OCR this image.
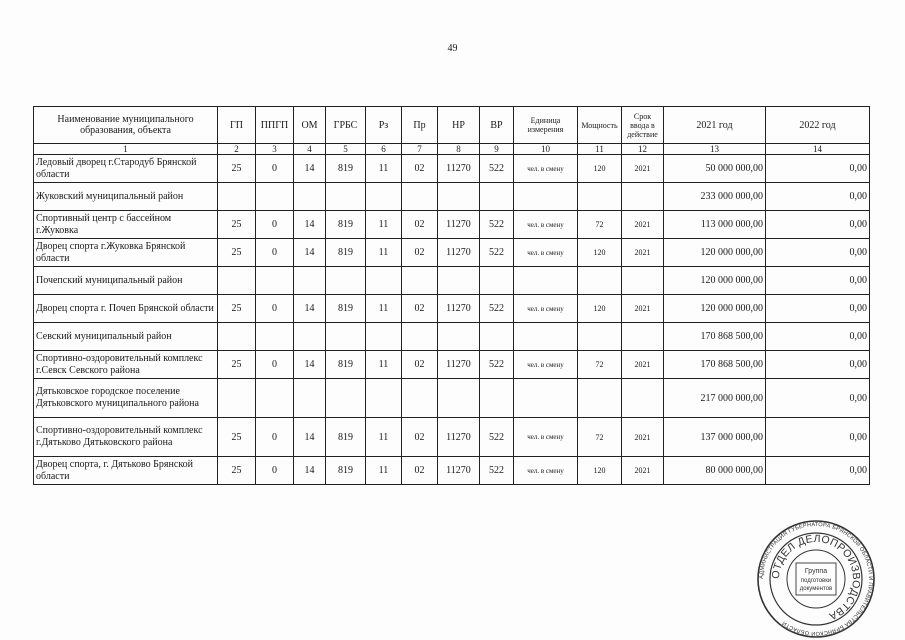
49
Наименование муниципального образования, объекта	ГП	ППГП	ОМ	ГРБС	Рз	Пр	НР	ВР	Единица измерения	Мощность	Срок ввода в действие	2021 год	2022 год
1	2	3	4	5	6	7	8	9	10	11	12	13	14
Ледовый дворец г.Стародуб Брянской области	25	0	14	819	11	02	11270	522	чел. в смену	120	2021	50 000 000,00	0,00
Жуковский муниципальный район												233 000 000,00	0,00
Спортивный центр с бассейном г.Жуковка	25	0	14	819	11	02	11270	522	чел. в смену	72	2021	113 000 000,00	0,00
Дворец спорта г.Жуковка Брянской области	25	0	14	819	11	02	11270	522	чел. в смену	120	2021	120 000 000,00	0,00
Почепский муниципальный район												120 000 000,00	0,00
Дворец спорта г. Почеп Брянской области	25	0	14	819	11	02	11270	522	чел. в смену	120	2021	120 000 000,00	0,00
Севский муниципальный район												170 868 500,00	0,00
Спортивно-оздоровительный комплекс г.Севск Севского района	25	0	14	819	11	02	11270	522	чел. в смену	72	2021	170 868 500,00	0,00
Дятьковское городское поселение Дятьковского муниципального района												217 000 000,00	0,00
Спортивно-оздоровительный комплекс г.Дятьково Дятьковского района	25	0	14	819	11	02	11270	522	чел. в смену	72	2021	137 000 000,00	0,00
Дворец спорта, г. Дятьково Брянской области	25	0	14	819	11	02	11270	522	чел. в смену	120	2021	80 000 000,00	0,00
АДМИНИСТРАЦИЯ ГУБЕРНАТОРА БРЯНСКОЙ ОБЛАСТИ И ПРАВИТЕЛЬСТВА БРЯНСКОЙ ОБЛАСТИ
ОТДЕЛ ДЕЛОПРОИЗВОДСТВА
Группа
подготовки
документов
